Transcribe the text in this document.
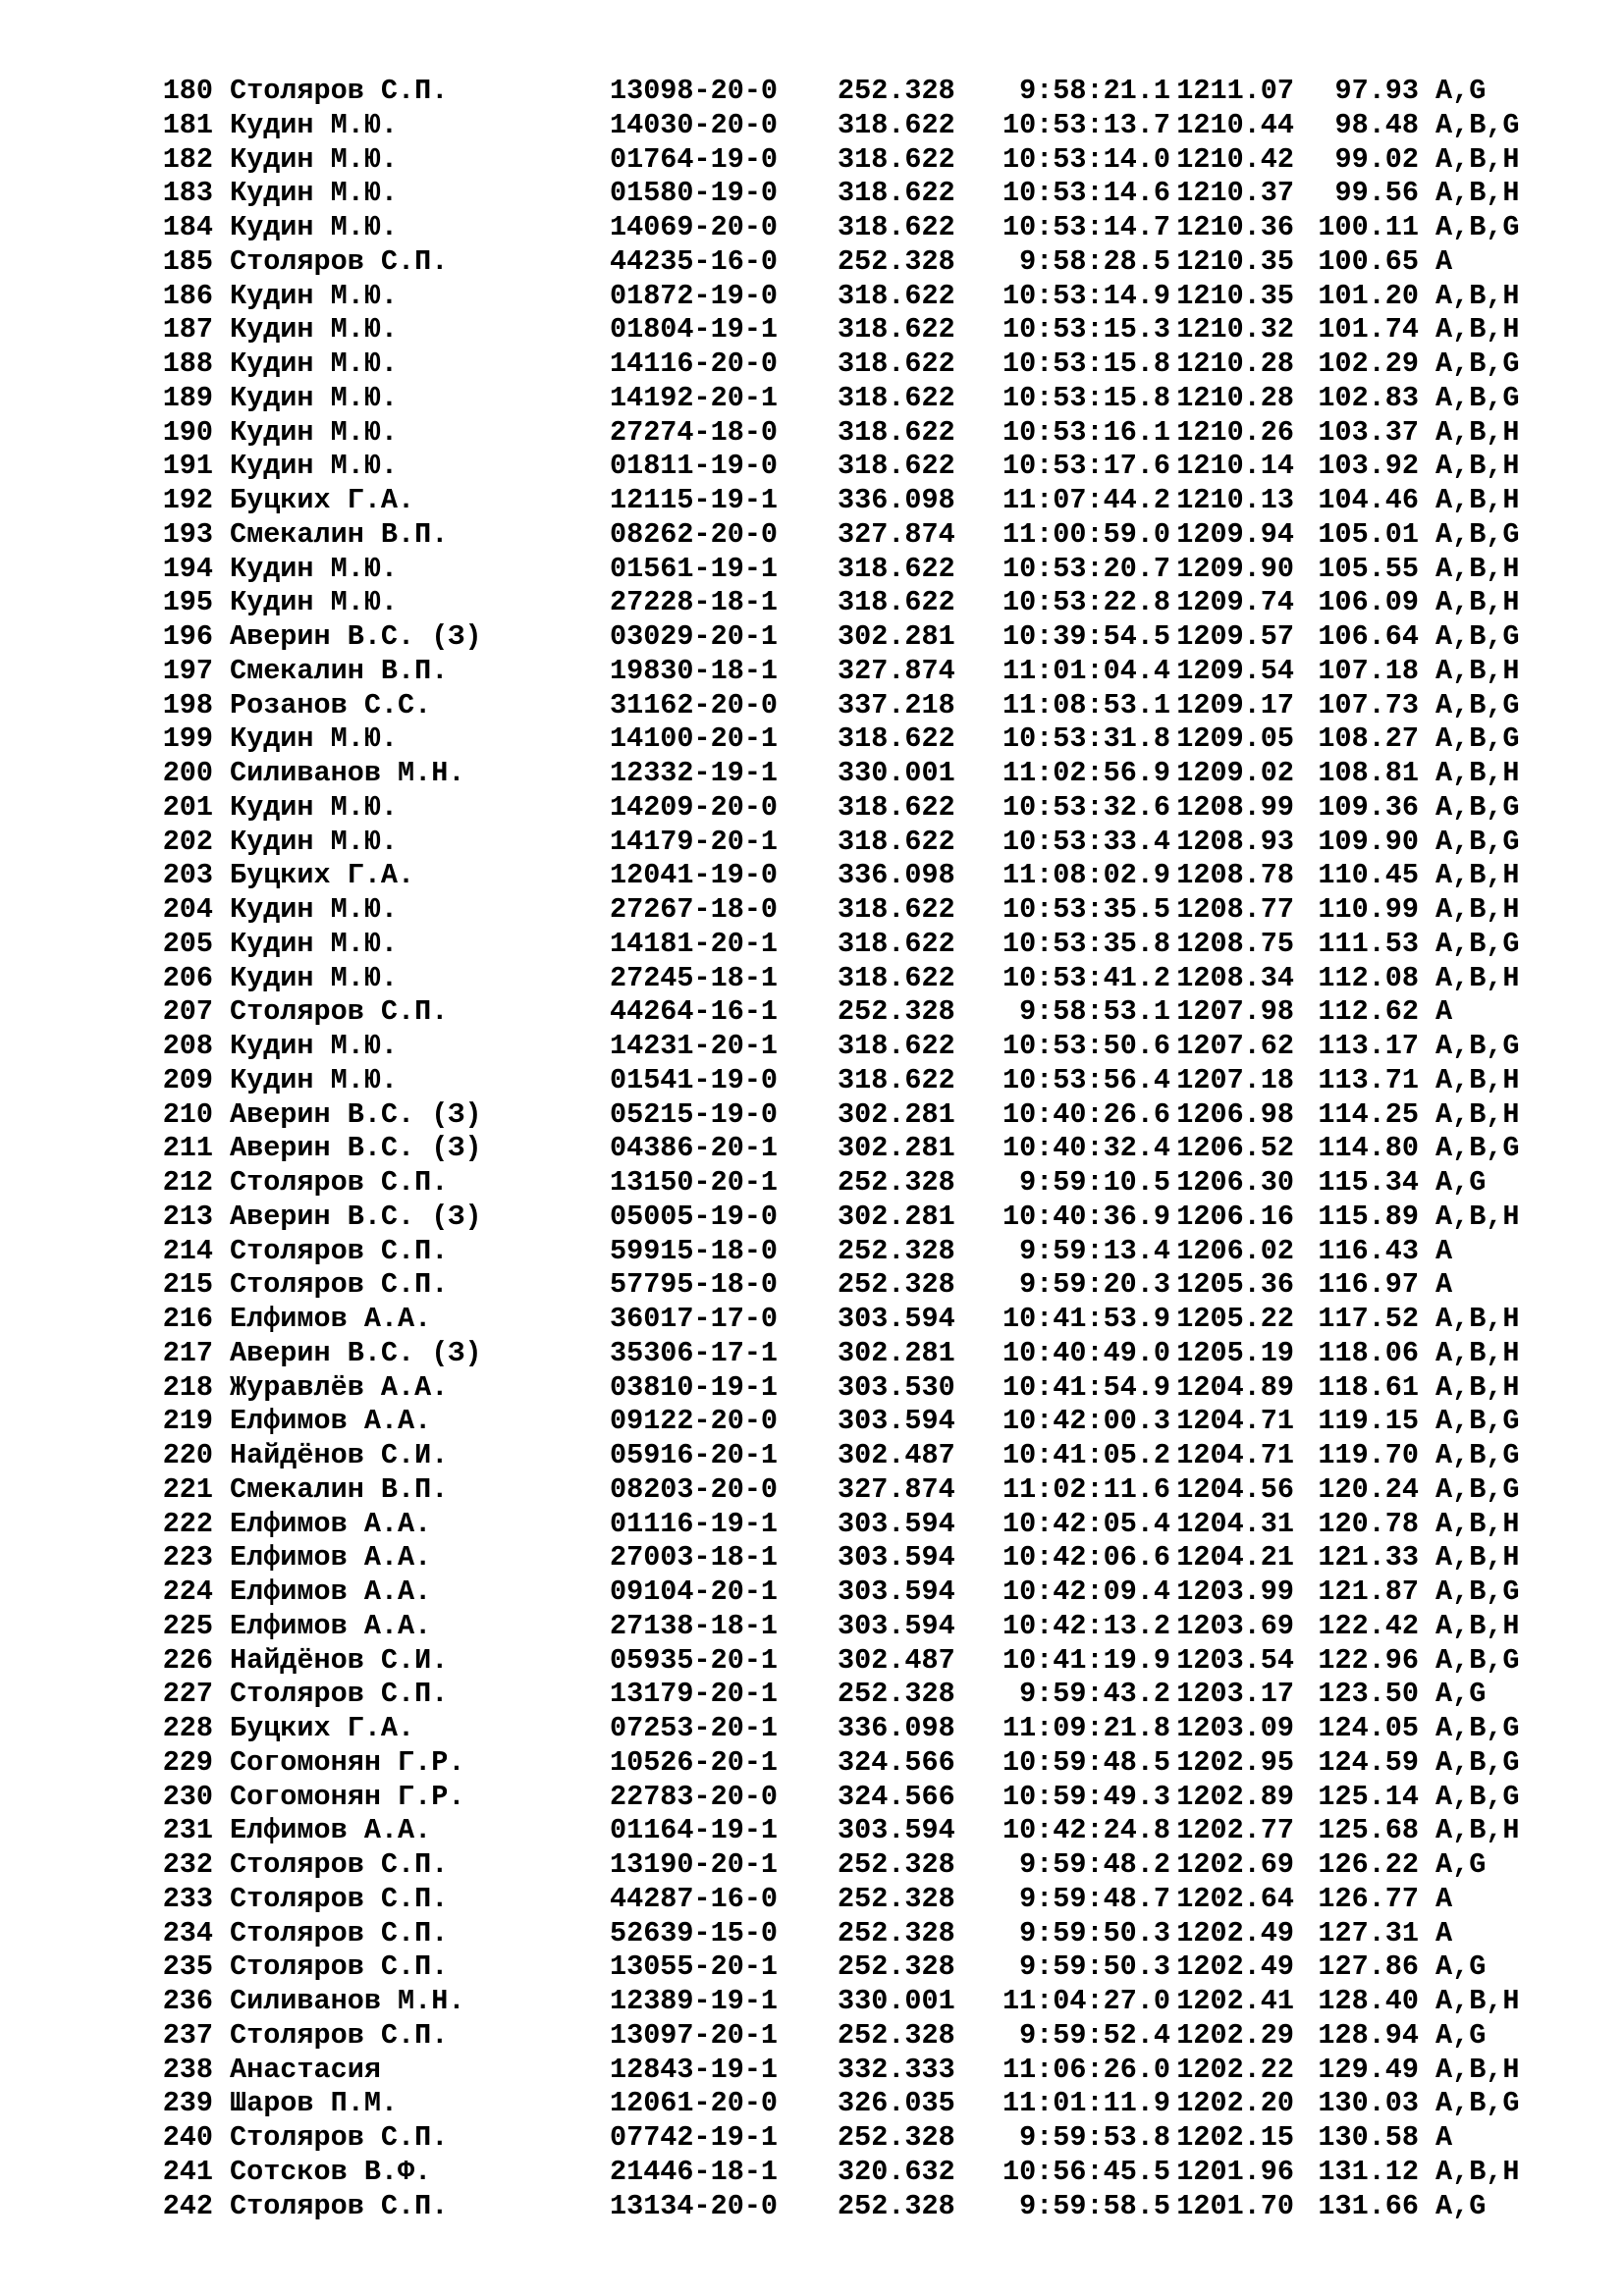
180 Столяров С.П.	13098-20-0 252.328 9:58:21.1 1211.07 97.93 A,G
181 Кудин М.Ю.	14030-20-0 318.622 10:53:13.7 1210.44 98.48 A,B,G
182 Кудин М.Ю.	01764-19-0 318.622 10:53:14.0 1210.42 99.02 A,B,H
183 Кудин М.Ю.	01580-19-0 318.622 10:53:14.6 1210.37 99.56 A,B,H
184 Кудин М.Ю.	14069-20-0 318.622 10:53:14.7 1210.36 100.11 A,B,G
185 Столяров С.П.	44235-16-0 252.328 9:58:28.5 1210.35 100.65 A
186 Кудин М.Ю.	01872-19-0 318.622 10:53:14.9 1210.35 101.20 A,B,H
187 Кудин М.Ю.	01804-19-1 318.622 10:53:15.3 1210.32 101.74 A,B,H
188 Кудин М.Ю.	14116-20-0 318.622 10:53:15.8 1210.28 102.29 A,B,G
189 Кудин М.Ю.	14192-20-1 318.622 10:53:15.8 1210.28 102.83 A,B,G
190 Кудин М.Ю.	27274-18-0 318.622 10:53:16.1 1210.26 103.37 A,B,H
191 Кудин М.Ю.	01811-19-0 318.622 10:53:17.6 1210.14 103.92 A,B,H
192 Буцких Г.А.	12115-19-1 336.098 11:07:44.2 1210.13 104.46 A,B,H
193 Смекалин В.П.	08262-20-0 327.874 11:00:59.0 1209.94 105.01 A,B,G
194 Кудин М.Ю.	01561-19-1 318.622 10:53:20.7 1209.90 105.55 A,B,H
195 Кудин М.Ю.	27228-18-1 318.622 10:53:22.8 1209.74 106.09 A,B,H
196 Аверин В.С. (З)	03029-20-1 302.281 10:39:54.5 1209.57 106.64 A,B,G
197 Смекалин В.П.	19830-18-1 327.874 11:01:04.4 1209.54 107.18 A,B,H
198 Розанов С.С.	31162-20-0 337.218 11:08:53.1 1209.17 107.73 A,B,G
199 Кудин М.Ю.	14100-20-1 318.622 10:53:31.8 1209.05 108.27 A,B,G
200 Силиванов М.Н.	12332-19-1 330.001 11:02:56.9 1209.02 108.81 A,B,H
201 Кудин М.Ю.	14209-20-0 318.622 10:53:32.6 1208.99 109.36 A,B,G
202 Кудин М.Ю.	14179-20-1 318.622 10:53:33.4 1208.93 109.90 A,B,G
203 Буцких Г.А.	12041-19-0 336.098 11:08:02.9 1208.78 110.45 A,B,H
204 Кудин М.Ю.	27267-18-0 318.622 10:53:35.5 1208.77 110.99 A,B,H
205 Кудин М.Ю.	14181-20-1 318.622 10:53:35.8 1208.75 111.53 A,B,G
206 Кудин М.Ю.	27245-18-1 318.622 10:53:41.2 1208.34 112.08 A,B,H
207 Столяров С.П.	44264-16-1 252.328 9:58:53.1 1207.98 112.62 A
208 Кудин М.Ю.	14231-20-1 318.622 10:53:50.6 1207.62 113.17 A,B,G
209 Кудин М.Ю.	01541-19-0 318.622 10:53:56.4 1207.18 113.71 A,B,H
210 Аверин В.С. (З)	05215-19-0 302.281 10:40:26.6 1206.98 114.25 A,B,H
211 Аверин В.С. (З)	04386-20-1 302.281 10:40:32.4 1206.52 114.80 A,B,G
212 Столяров С.П.	13150-20-1 252.328 9:59:10.5 1206.30 115.34 A,G
213 Аверин В.С. (З)	05005-19-0 302.281 10:40:36.9 1206.16 115.89 A,B,H
214 Столяров С.П.	59915-18-0 252.328 9:59:13.4 1206.02 116.43 A
215 Столяров С.П.	57795-18-0 252.328 9:59:20.3 1205.36 116.97 A
216 Елфимов А.А.	36017-17-0 303.594 10:41:53.9 1205.22 117.52 A,B,H
217 Аверин В.С. (З)	35306-17-1 302.281 10:40:49.0 1205.19 118.06 A,B,H
218 Журавлёв А.А.	03810-19-1 303.530 10:41:54.9 1204.89 118.61 A,B,H
219 Елфимов А.А.	09122-20-0 303.594 10:42:00.3 1204.71 119.15 A,B,G
220 Найдёнов С.И.	05916-20-1 302.487 10:41:05.2 1204.71 119.70 A,B,G
221 Смекалин В.П.	08203-20-0 327.874 11:02:11.6 1204.56 120.24 A,B,G
222 Елфимов А.А.	01116-19-1 303.594 10:42:05.4 1204.31 120.78 A,B,H
223 Елфимов А.А.	27003-18-1 303.594 10:42:06.6 1204.21 121.33 A,B,H
224 Елфимов А.А.	09104-20-1 303.594 10:42:09.4 1203.99 121.87 A,B,G
225 Елфимов А.А.	27138-18-1 303.594 10:42:13.2 1203.69 122.42 A,B,H
226 Найдёнов С.И.	05935-20-1 302.487 10:41:19.9 1203.54 122.96 A,B,G
227 Столяров С.П.	13179-20-1 252.328 9:59:43.2 1203.17 123.50 A,G
228 Буцких Г.А.	07253-20-1 336.098 11:09:21.8 1203.09 124.05 A,B,G
229 Согомонян Г.Р.	10526-20-1 324.566 10:59:48.5 1202.95 124.59 A,B,G
230 Согомонян Г.Р.	22783-20-0 324.566 10:59:49.3 1202.89 125.14 A,B,G
231 Елфимов А.А.	01164-19-1 303.594 10:42:24.8 1202.77 125.68 A,B,H
232 Столяров С.П.	13190-20-1 252.328 9:59:48.2 1202.69 126.22 A,G
233 Столяров С.П.	44287-16-0 252.328 9:59:48.7 1202.64 126.77 A
234 Столяров С.П.	52639-15-0 252.328 9:59:50.3 1202.49 127.31 A
235 Столяров С.П.	13055-20-1 252.328 9:59:50.3 1202.49 127.86 A,G
236 Силиванов М.Н.	12389-19-1 330.001 11:04:27.0 1202.41 128.40 A,B,H
237 Столяров С.П.	13097-20-1 252.328 9:59:52.4 1202.29 128.94 A,G
238 Анастасия	12843-19-1 332.333 11:06:26.0 1202.22 129.49 A,B,H
239 Шаров П.М.	12061-20-0 326.035 11:01:11.9 1202.20 130.03 A,B,G
240 Столяров С.П.	07742-19-1 252.328 9:59:53.8 1202.15 130.58 A
241 Сотсков В.Ф.	21446-18-1 320.632 10:56:45.5 1201.96 131.12 A,B,H
242 Столяров С.П.	13134-20-0 252.328 9:59:58.5 1201.70 131.66 A,G
